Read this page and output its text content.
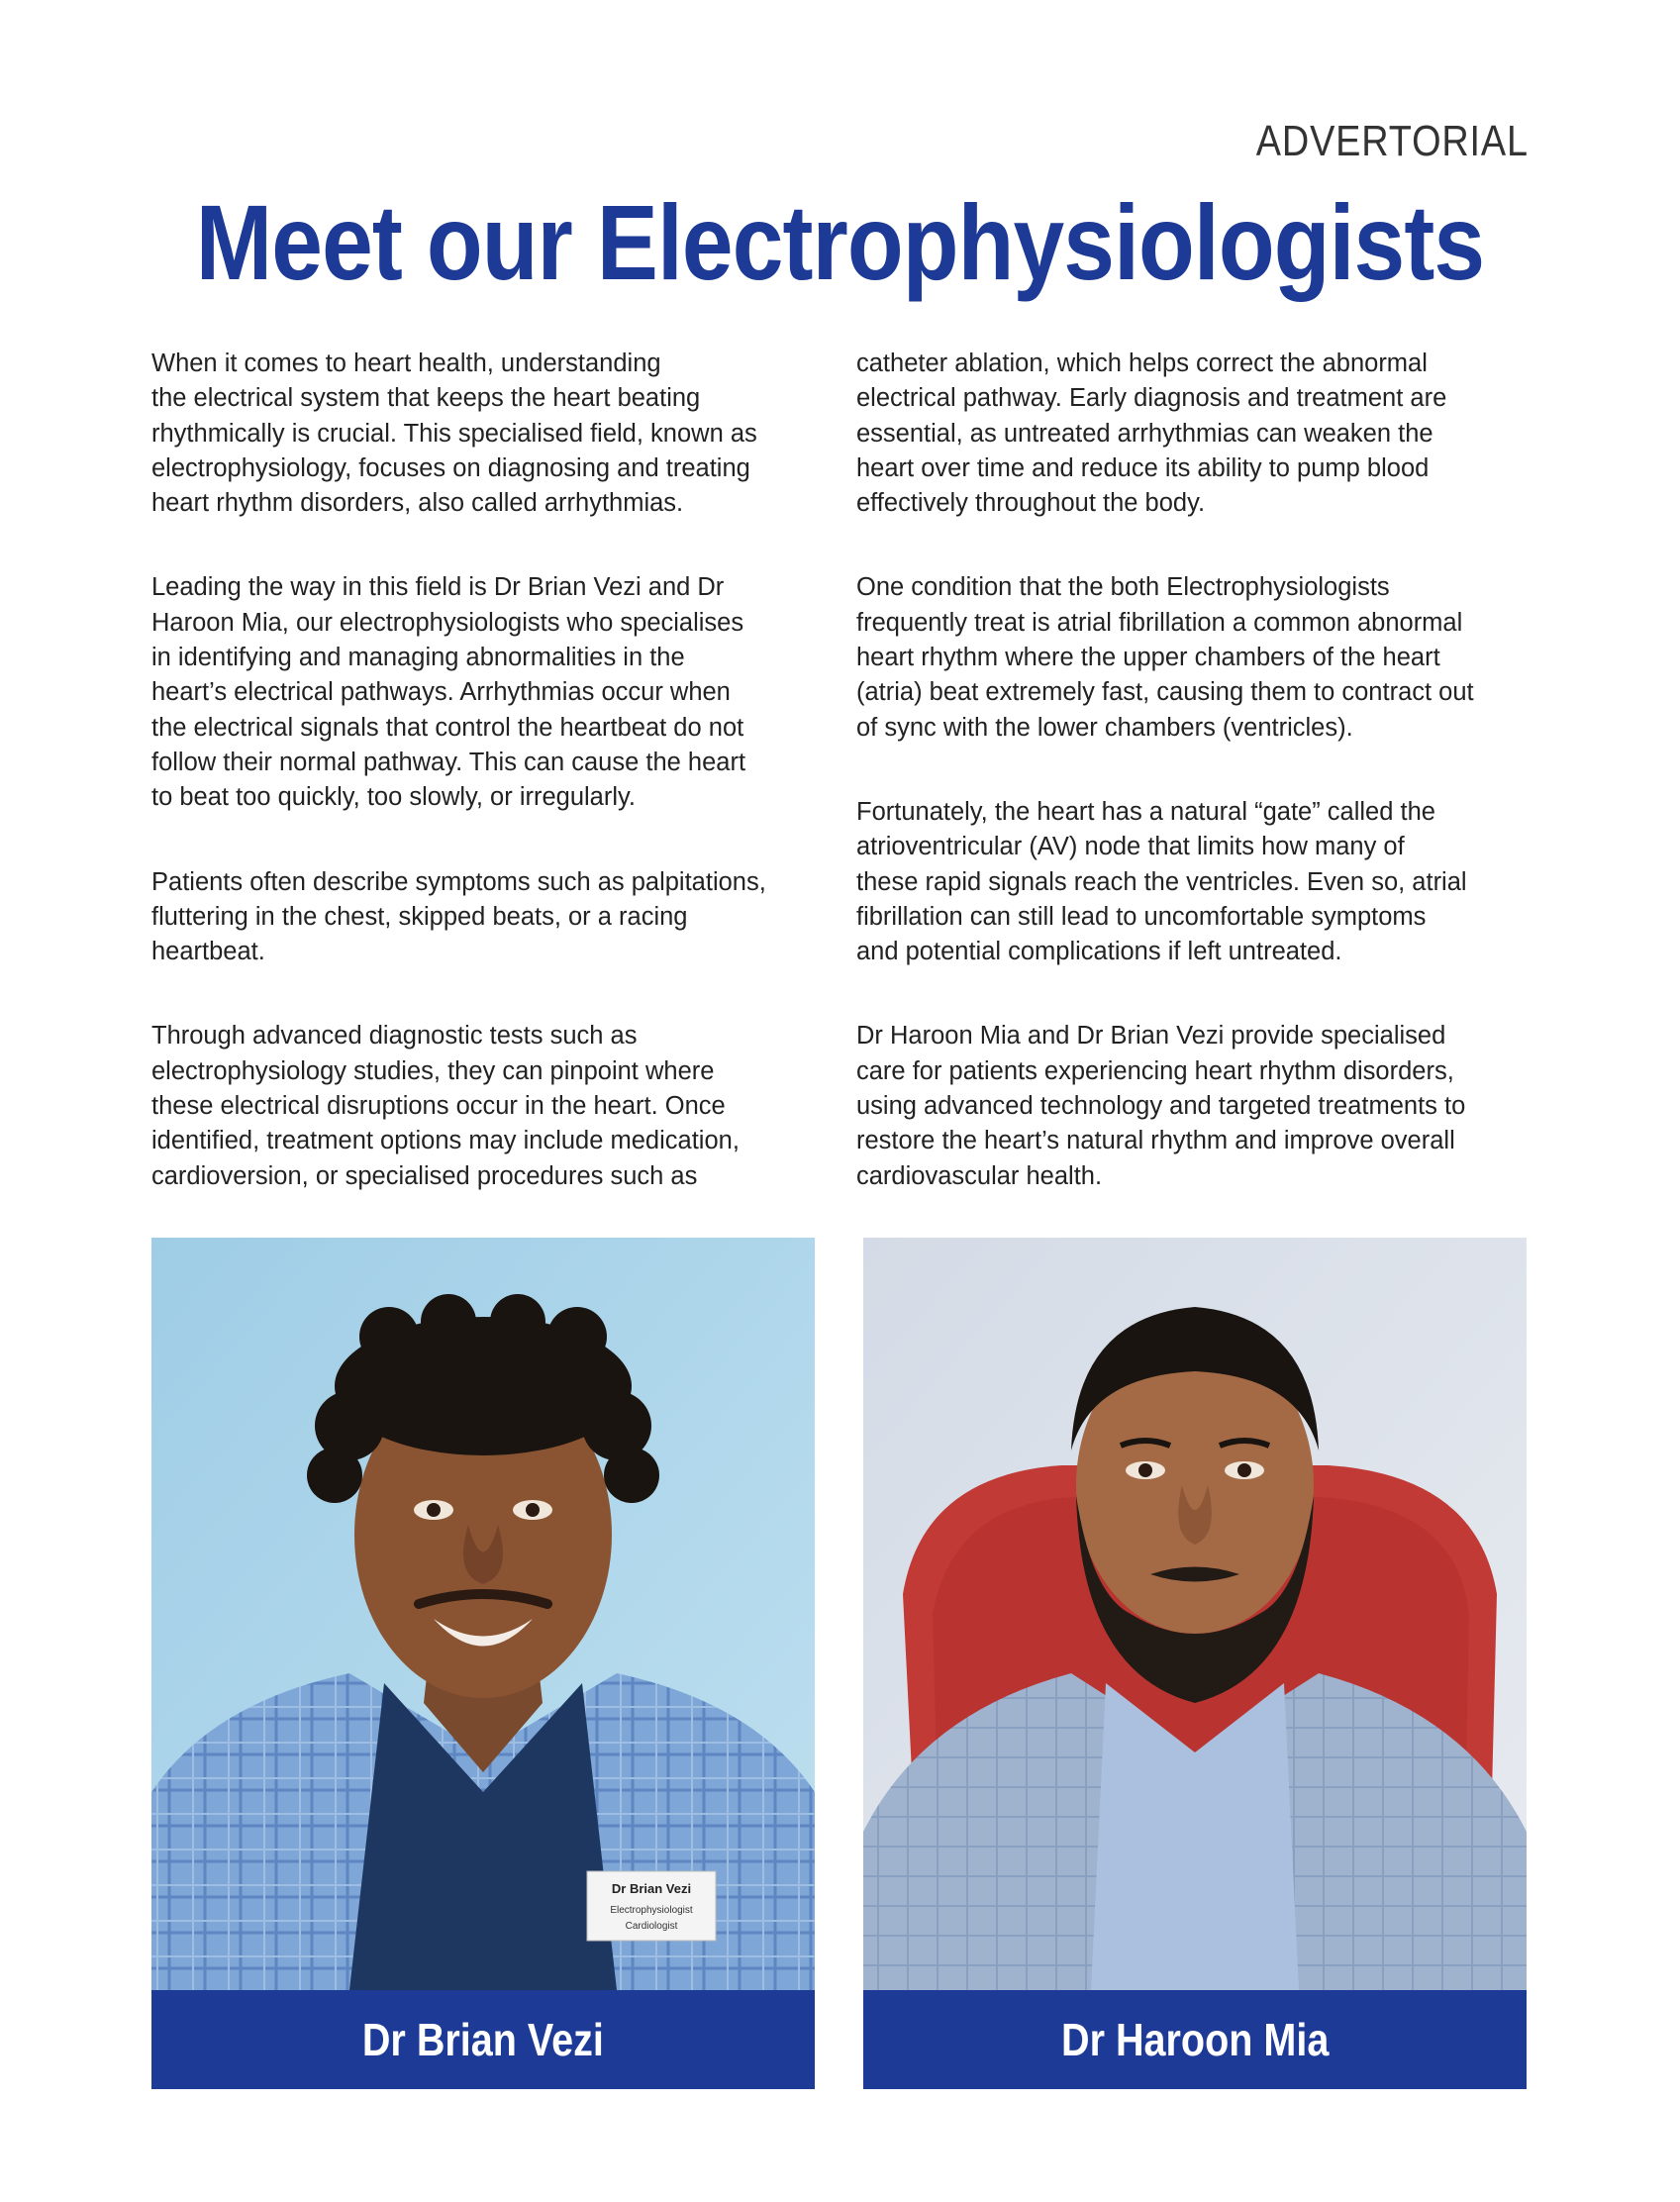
ADVERTORIAL
Meet our Electrophysiologists

When it comes to heart health, understanding
the electrical system that keeps the heart beating
rhythmically is crucial. This specialised field, known as
electrophysiology, focuses on diagnosing and treating
heart rhythm disorders, also called arrhythmias.

Leading the way in this field is Dr Brian Vezi and Dr
Haroon Mia, our electrophysiologists who specialises
in identifying and managing abnormalities in the
heart’s electrical pathways. Arrhythmias occur when
the electrical signals that control the heartbeat do not
follow their normal pathway. This can cause the heart
to beat too quickly, too slowly, or irregularly.

Patients often describe symptoms such as palpitations,
fluttering in the chest, skipped beats, or a racing
heartbeat.

Through advanced diagnostic tests such as
electrophysiology studies, they can pinpoint where
these electrical disruptions occur in the heart. Once
identified, treatment options may include medication,
cardioversion, or specialised procedures such as

catheter ablation, which helps correct the abnormal
electrical pathway. Early diagnosis and treatment are
essential, as untreated arrhythmias can weaken the
heart over time and reduce its ability to pump blood
effectively throughout the body.

One condition that the both Electrophysiologists
frequently treat is atrial fibrillation a common abnormal
heart rhythm where the upper chambers of the heart
(atria) beat extremely fast, causing them to contract out
of sync with the lower chambers (ventricles).

Fortunately, the heart has a natural “gate” called the
atrioventricular (AV) node that limits how many of
these rapid signals reach the ventricles. Even so, atrial
fibrillation can still lead to uncomfortable symptoms
and potential complications if left untreated.

Dr Haroon Mia and Dr Brian Vezi provide specialised
care for patients experiencing heart rhythm disorders,
using advanced technology and targeted treatments to
restore the heart’s natural rhythm and improve overall
cardiovascular health.

Dr Brian Vezi
Electrophysiologist
Cardiologist
Dr Brian Vezi	Dr Haroon Mia
